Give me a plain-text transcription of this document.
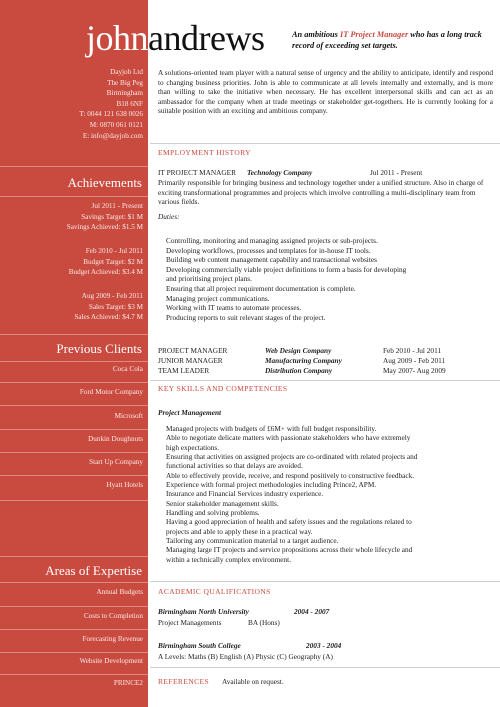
Dayjob Ltd
The Big Peg
Birmingham
B18 6NF
T: 0044 121 638 0026
M: 0870 061 0121
E: info@dayjob.com
Achievements
Jul 2011 - Present
Savings Target: $1 M
Savings Achieved: $1.5 M
Feb 2010 - Jul 2011
Budget Target: $2 M
Budget Achieved: $3.4 M
Aug 2009 - Feb 2011
Sales Target: $3 M
Sales Achieved: $4.7 M
Previous Clients
Coca Cola
Ford Motor Company
Microsoft
Dunkin Doughnuts
Start Up Company
Hyatt Hotels
Areas of Expertise
Annual Budgets
Costs to Completion
Forecasting Revenue
Website Development
PRINCE2
johnandrews	An ambitious IT Project Manager who has a long track record of exceeding set targets.
A solutions-oriented team player with a natural sense of urgency and the ability to anticipate, identify and respond to changing business priorities. John is able to communicate at all levels internally and externally, and is more than willing to take the initiative when necessary. He has excellent interpersonal skills and can act as an ambassador for the company when at trade meetings or stakeholder get-togethers. He is currently looking for a suitable position with an exciting and ambitious company.
EMPLOYMENT HISTORY
IT PROJECT MANAGER Technology Company	Jul 2011 - Present
Primarily responsible for bringing business and technology together under a unified structure. Also in charge of exciting transformational programmes and projects which involve controlling a multi-disciplinary team from various fields.
Duties:
Controlling, monitoring and managing assigned projects or sub-projects.
Developing workflows, processes and templates for in-house IT tools.
Building web content management capability and transactional websites
Developing commercially viable project definitions to form a basis for developing
and prioritising project plans.
Ensuring that all project requirement documentation is complete.
Managing project communications.
Working with IT teams to automate processes.
Producing reports to suit relevant stages of the project.
PROJECT MANAGER	Web Design Company	Feb 2010 - Jul 2011
JUNIOR MANAGER	Manufacturing Company	Aug 2009 - Feb 2011
TEAM LEADER	Distribution Company	May 2007- Aug 2009
KEY SKILLS AND COMPETENCIES
Project Management
Managed projects with budgets of £6M+ with full budget responsibility.
Able to negotiate delicate matters with passionate stakeholders who have extremely
high expectations.
Ensuring that activities on assigned projects are co-ordinated with related projects and
functional activities so that delays are avoided.
Able to effectively provide, receive, and respond positively to constructive feedback.
Experience with formal project methodologies including Prince2, APM.
Insurance and Financial Services industry experience.
Senior stakeholder management skills.
Handling and solving problems.
Having a good appreciation of health and safety issues and the regulations related to
projects and able to apply these in a practical way.
Tailoring any communication material to a target audience.
Managing large IT projects and service propositions across their whole lifecycle and
within a technically complex environment.
ACADEMIC QUALIFICATIONS
Birmingham North University	2004 - 2007
Project Managements	BA (Hons)
Birmingham South College	2003 - 2004
A Levels: Maths (B) English (A) Physic (C) Geography (A)
REFERENCES Available on request.
